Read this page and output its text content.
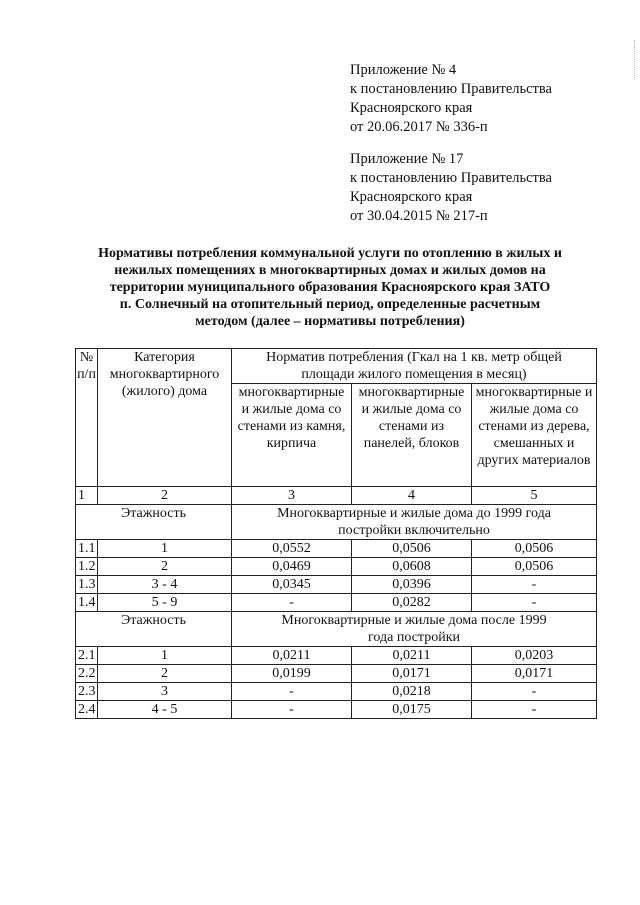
Приложение № 4
к постановлению Правительства
Красноярского края
от 20.06.2017 № 336-п
Приложение № 17
к постановлению Правительства
Красноярского края
от 30.04.2015 № 217-п
Нормативы потребления коммунальной услуги по отоплению в жилых и
нежилых помещениях в многоквартирных домах и жилых домов на
территории муниципального образования Красноярского края ЗАТО
п. Солнечный на отопительный период, определенные расчетным
методом (далее – нормативы потребления)
№ п/п	Категория многоквартирного (жилого) дома	Норматив потребления (Гкал на 1 кв. метр общей площади жилого помещения в месяц)		
		многоквартирные и жилые дома со стенами из камня, кирпича	многоквартирные и жилые дома со стенами из панелей, блоков	многоквартирные и жилые дома со стенами из дерева, смешанных и других материалов
1	2	3	4	5
Этажность		Многоквартирные и жилые дома до 1999 года постройки включительно		
1.1	1	0,0552	0,0506	0,0506
1.2	2	0,0469	0,0608	0,0506
1.3	3 - 4	0,0345	0,0396	-
1.4	5 - 9	-	0,0282	-
Этажность		Многоквартирные и жилые дома после 1999 года постройки		
2.1	1	0,0211	0,0211	0,0203
2.2	2	0,0199	0,0171	0,0171
2.3	3	-	0,0218	-
2.4	4 - 5	-	0,0175	-
